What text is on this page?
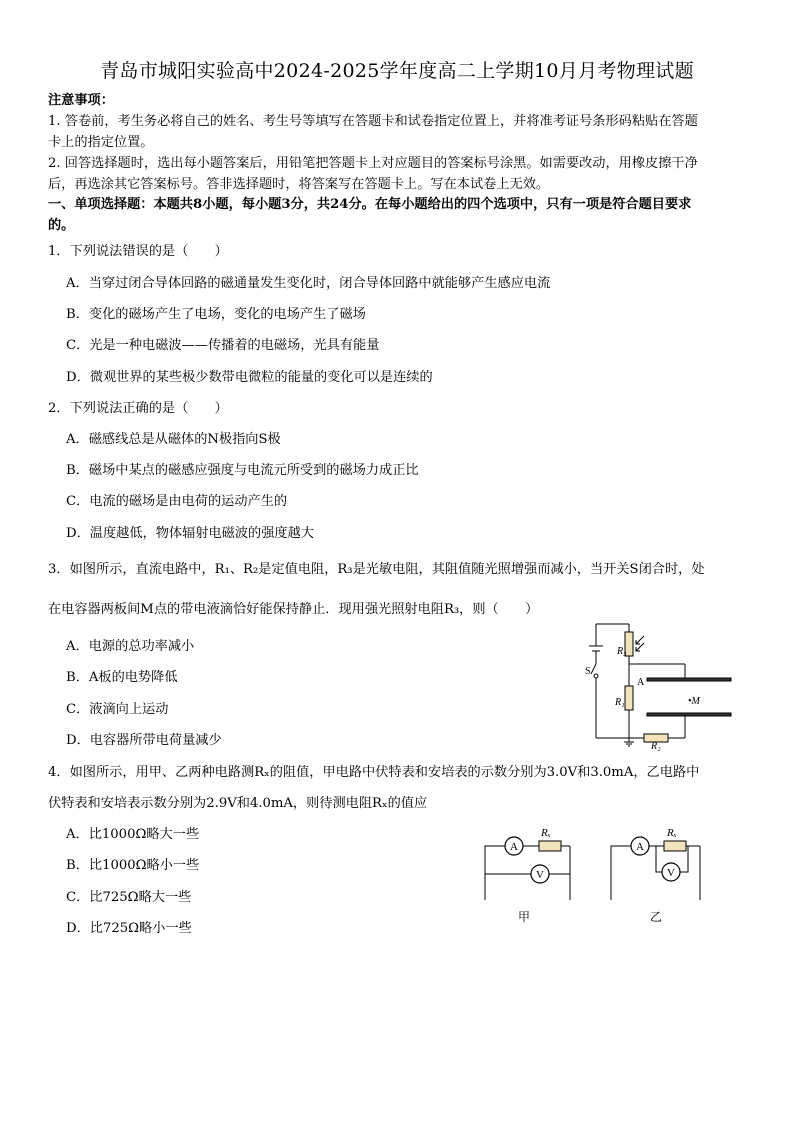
青岛市城阳实验高中2024-2025学年度高二上学期10月月考物理试题
注意事项：
1. 答卷前，考生务必将自己的姓名、考生号等填写在答题卡和试卷指定位置上，并将准考证号条形码粘贴在答题
卡上的指定位置。
2. 回答选择题时，选出每小题答案后，用铅笔把答题卡上对应题目的答案标号涂黑。如需要改动，用橡皮擦干净
后，再选涂其它答案标号。答非选择题时，将答案写在答题卡上。写在本试卷上无效。
一、单项选择题：本题共8小题，每小题3分，共24分。在每小题给出的四个选项中，只有一项是符合题目要求
的。
1．下列说法错误的是（　　）
A．当穿过闭合导体回路的磁通量发生变化时，闭合导体回路中就能够产生感应电流
B．变化的磁场产生了电场，变化的电场产生了磁场
C．光是一种电磁波——传播着的电磁场，光具有能量
D．微观世界的某些极少数带电微粒的能量的变化可以是连续的
2．下列说法正确的是（　　）
A．磁感线总是从磁体的N极指向S极
B．磁场中某点的磁感应强度与电流元所受到的磁场力成正比
C．电流的磁场是由电荷的运动产生的
D．温度越低，物体辐射电磁波的强度越大
3．如图所示，直流电路中，R₁、R₂是定值电阻，R₃是光敏电阻，其阻值随光照增强而减小，当开关S闭合时，处
在电容器两板间M点的带电液滴恰好能保持静止．现用强光照射电阻R₃，则（　　）
A．电源的总功率减小
B．A板的电势降低
C．液滴向上运动
D．电容器所带电荷量减少
R₃
R₁
R₂
S
A
•M
4．如图所示，用甲、乙两种电路测Rₓ的阻值，甲电路中伏特表和安培表的示数分别为3.0V和3.0mA，乙电路中
伏特表和安培表示数分别为2.9V和4.0mA，则待测电阻Rₓ的值应
A．比1000Ω略大一些
B．比1000Ω略小一些
C．比725Ω略大一些
D．比725Ω略小一些
A
Rₓ
V
甲
A
Rₓ
V
乙
